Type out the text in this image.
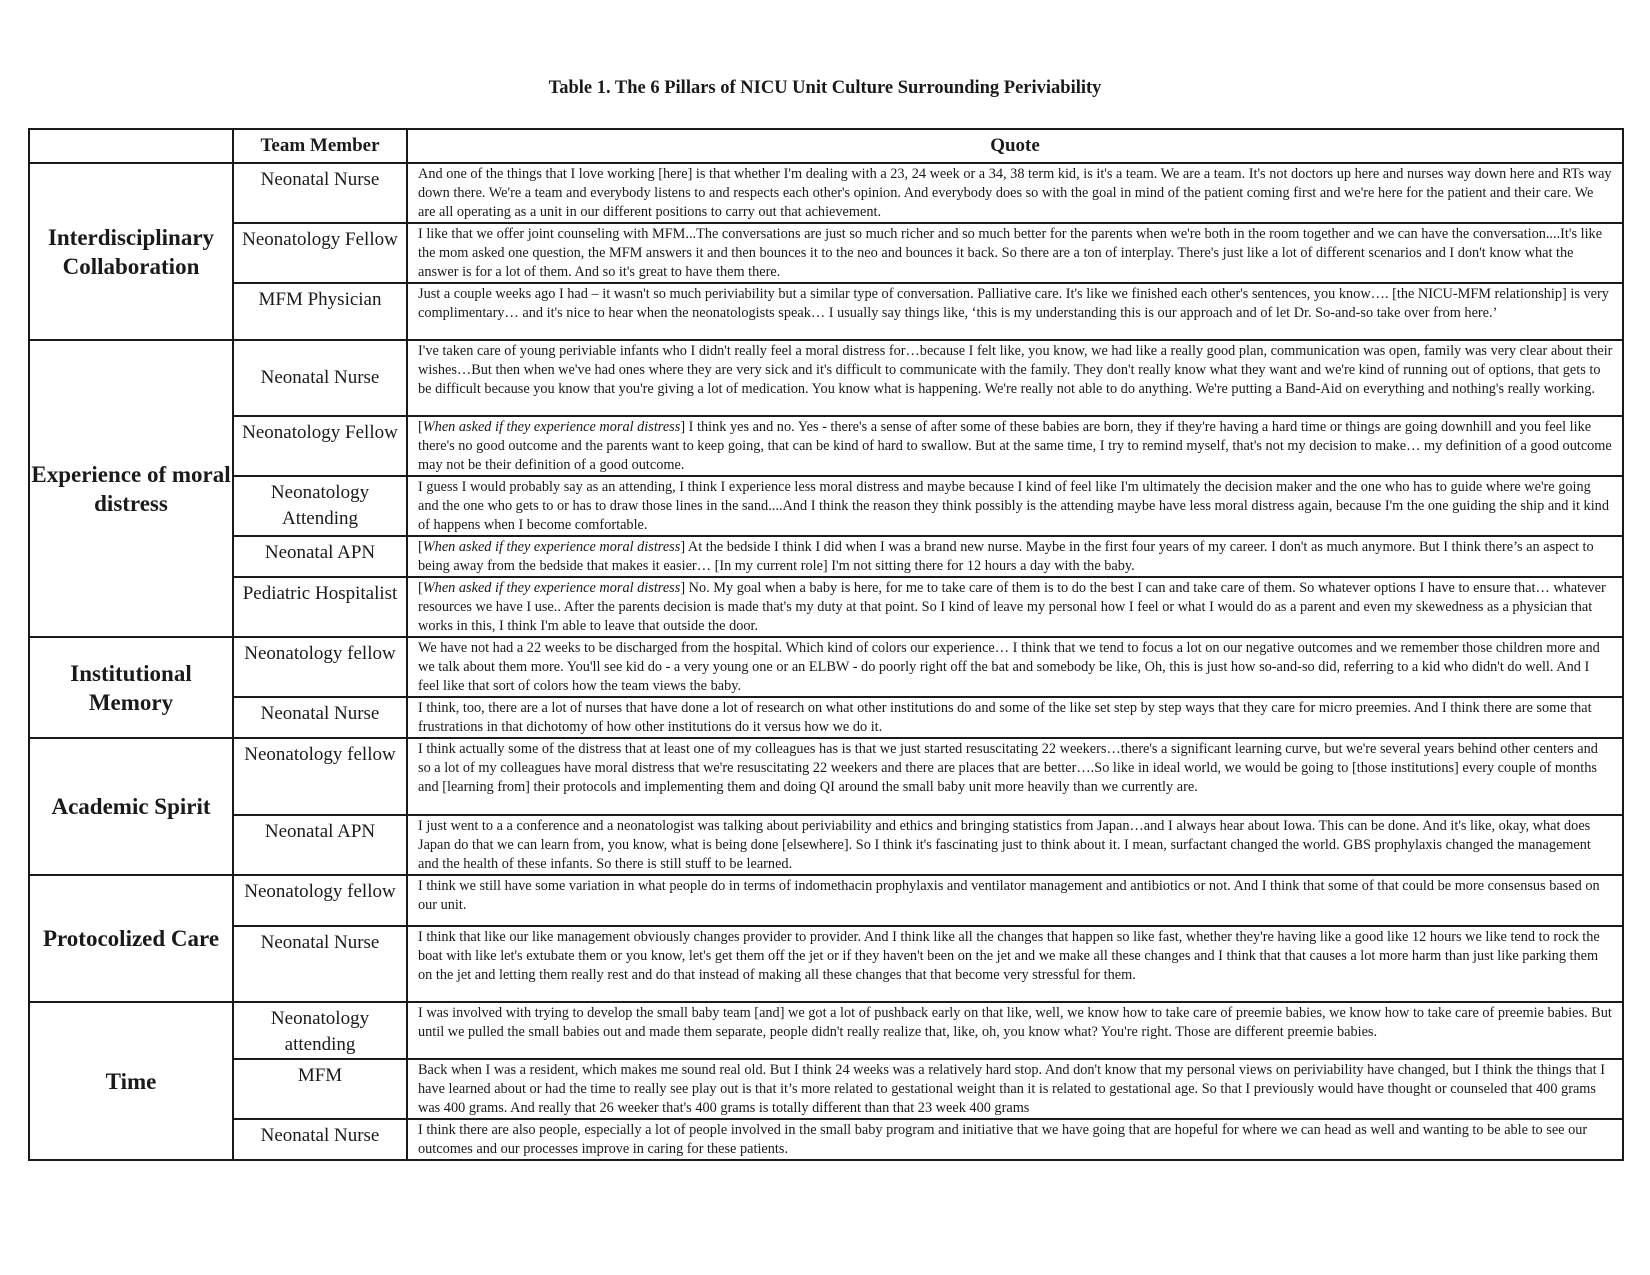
Table 1. The 6 Pillars of NICU Unit Culture Surrounding Periviability
	Team Member	Quote
Interdisciplinary Collaboration	Neonatal Nurse	And one of the things that I love working [here] is that whether I'm dealing with a 23, 24 week or a 34, 38 term kid, is it's a team. We are a team. It's not doctors up here and nurses way down here and RTs way down there. We're a team and everybody listens to and respects each other's opinion. And everybody does so with the goal in mind of the patient coming first and we're here for the patient and their care. We are all operating as a unit in our different positions to carry out that achievement.
	Neonatology Fellow	I like that we offer joint counseling with MFM...The conversations are just so much richer and so much better for the parents when we're both in the room together and we can have the conversation....It's like the mom asked one question, the MFM answers it and then bounces it to the neo and bounces it back. So there are a ton of interplay. There's just like a lot of different scenarios and I don't know what the answer is for a lot of them. And so it's great to have them there.
	MFM Physician	Just a couple weeks ago I had – it wasn't so much periviability but a similar type of conversation. Palliative care. It's like we finished each other's sentences, you know…. [the NICU-MFM relationship] is very complimentary… and it's nice to hear when the neonatologists speak… I usually say things like, ‘this is my understanding this is our approach and of let Dr. So-and-so take over from here.’
Experience of moral distress	Neonatal Nurse	I've taken care of young periviable infants who I didn't really feel a moral distress for…because I felt like, you know, we had like a really good plan, communication was open, family was very clear about their wishes…But then when we've had ones where they are very sick and it's difficult to communicate with the family. They don't really know what they want and we're kind of running out of options, that gets to be difficult because you know that you're giving a lot of medication. You know what is happening. We're really not able to do anything. We're putting a Band-Aid on everything and nothing's really working.
	Neonatology Fellow	[When asked if they experience moral distress] I think yes and no. Yes - there's a sense of after some of these babies are born, they if they're having a hard time or things are going downhill and you feel like there's no good outcome and the parents want to keep going, that can be kind of hard to swallow. But at the same time, I try to remind myself, that's not my decision to make… my definition of a good outcome may not be their definition of a good outcome.
	Neonatology Attending	I guess I would probably say as an attending, I think I experience less moral distress and maybe because I kind of feel like I'm ultimately the decision maker and the one who has to guide where we're going and the one who gets to or has to draw those lines in the sand....And I think the reason they think possibly is the attending maybe have less moral distress again, because I'm the one guiding the ship and it kind of happens when I become comfortable.
	Neonatal APN	[When asked if they experience moral distress] At the bedside I think I did when I was a brand new nurse. Maybe in the first four years of my career. I don't as much anymore. But I think there’s an aspect to being away from the bedside that makes it easier… [In my current role] I'm not sitting there for 12 hours a day with the baby.
	Pediatric Hospitalist	[When asked if they experience moral distress] No. My goal when a baby is here, for me to take care of them is to do the best I can and take care of them. So whatever options I have to ensure that… whatever resources we have I use.. After the parents decision is made that's my duty at that point. So I kind of leave my personal how I feel or what I would do as a parent and even my skewedness as a physician that works in this, I think I'm able to leave that outside the door.
Institutional Memory	Neonatology fellow	We have not had a 22 weeks to be discharged from the hospital. Which kind of colors our experience… I think that we tend to focus a lot on our negative outcomes and we remember those children more and we talk about them more. You'll see kid do - a very young one or an ELBW - do poorly right off the bat and somebody be like, Oh, this is just how so-and-so did, referring to a kid who didn't do well. And I feel like that sort of colors how the team views the baby.
	Neonatal Nurse	I think, too, there are a lot of nurses that have done a lot of research on what other institutions do and some of the like set step by step ways that they care for micro preemies. And I think there are some that frustrations in that dichotomy of how other institutions do it versus how we do it.
Academic Spirit	Neonatology fellow	I think actually some of the distress that at least one of my colleagues has is that we just started resuscitating 22 weekers…there's a significant learning curve, but we're several years behind other centers and so a lot of my colleagues have moral distress that we're resuscitating 22 weekers and there are places that are better….So like in ideal world, we would be going to [those institutions] every couple of months and [learning from] their protocols and implementing them and doing QI around the small baby unit more heavily than we currently are.
	Neonatal APN	I just went to a a conference and a neonatologist was talking about periviability and ethics and bringing statistics from Japan…and I always hear about Iowa. This can be done. And it's like, okay, what does Japan do that we can learn from, you know, what is being done [elsewhere]. So I think it's fascinating just to think about it. I mean, surfactant changed the world. GBS prophylaxis changed the management and the health of these infants. So there is still stuff to be learned.
Protocolized Care	Neonatology fellow	I think we still have some variation in what people do in terms of indomethacin prophylaxis and ventilator management and antibiotics or not. And I think that some of that could be more consensus based on our unit.
	Neonatal Nurse	I think that like our like management obviously changes provider to provider. And I think like all the changes that happen so like fast, whether they're having like a good like 12 hours we like tend to rock the boat with like let's extubate them or you know, let's get them off the jet or if they haven't been on the jet and we make all these changes and I think that that causes a lot more harm than just like parking them on the jet and letting them really rest and do that instead of making all these changes that that become very stressful for them.
Time	Neonatology attending	I was involved with trying to develop the small baby team [and] we got a lot of pushback early on that like, well, we know how to take care of preemie babies, we know how to take care of preemie babies. But until we pulled the small babies out and made them separate, people didn't really realize that, like, oh, you know what? You're right. Those are different preemie babies.
	MFM	Back when I was a resident, which makes me sound real old. But I think 24 weeks was a relatively hard stop. And don't know that my personal views on periviability have changed, but I think the things that I have learned about or had the time to really see play out is that it’s more related to gestational weight than it is related to gestational age. So that I previously would have thought or counseled that 400 grams was 400 grams. And really that 26 weeker that's 400 grams is totally different than that 23 week 400 grams
	Neonatal Nurse	I think there are also people, especially a lot of people involved in the small baby program and initiative that we have going that are hopeful for where we can head as well and wanting to be able to see our outcomes and our processes improve in caring for these patients.
